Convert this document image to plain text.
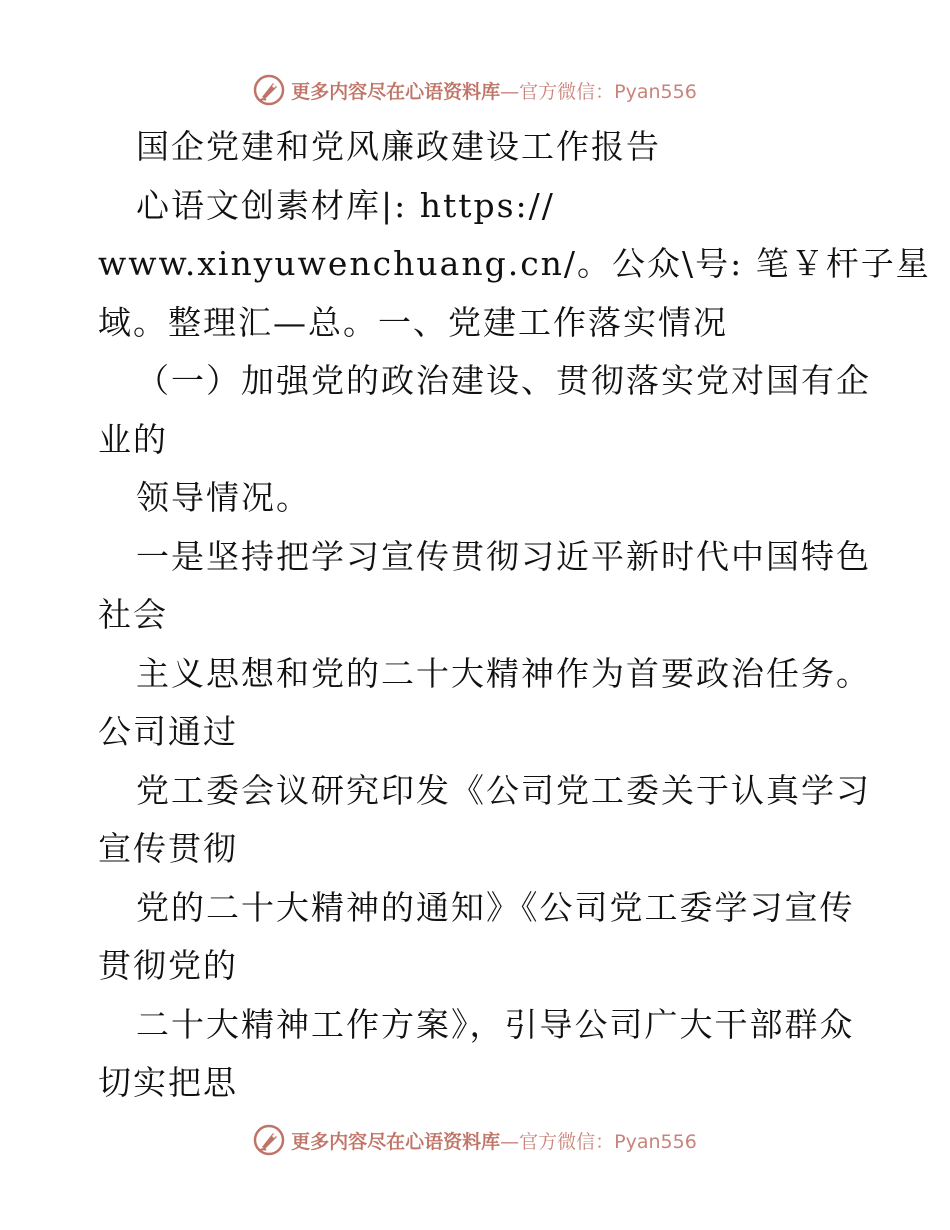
更多内容尽在心语资料库—官方微信：Pyan556
国企党建和党风廉政建设工作报告
心语文创素材库|: https://
www.xinyuwenchuang.cn/。公众\号: 笔￥杆子星
域。整理汇—总。一、党建工作落实情况
（一）加强党的政治建设、贯彻落实党对国有企
业的
领导情况。
一是坚持把学习宣传贯彻习近平新时代中国特色
社会
主义思想和党的二十大精神作为首要政治任务。
公司通过
党工委会议研究印发《公司党工委关于认真学习
宣传贯彻
党的二十大精神的通知》《公司党工委学习宣传
贯彻党的
二十大精神工作方案》，引导公司广大干部群众
切实把思
更多内容尽在心语资料库—官方微信：Pyan556
